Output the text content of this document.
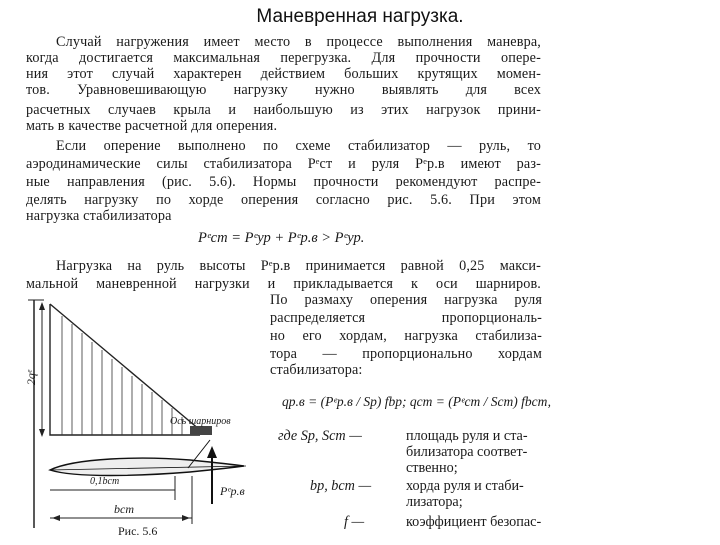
Маневренная нагрузка.
Случай нагружения имеет место в процессе выполнения маневра,
когда достигается максимальная перегрузка. Для прочности опере-
ния этот случай характерен действием больших крутящих момен-
тов. Уравновешивающую нагрузку нужно выявлять для всех
расчетных случаев крыла и наибольшую из этих нагрузок прини-
мать в качестве расчетной для оперения.
Если оперение выполнено по схеме стабилизатор — руль, то
аэродинамические силы стабилизатора Pᵉст и руля Pᵉр.в имеют раз-
ные направления (рис. 5.6). Нормы прочности рекомендуют распре-
делять нагрузку по хорде оперения согласно рис. 5.6. При этом
нагрузка стабилизатора
Pᵉст = Pᵉур + Pᵉр.в > Pᵉур.
Нагрузка на руль высоты Pᵉр.в принимается равной 0,25 макси-
мальной маневренной нагрузки и прикладывается к оси шарниров.
По размаху оперения нагрузка руля
распределяется пропорциональ-
но его хордам, нагрузка стабилиза-
тора — пропорционально хордам
стабилизатора:
qр.в = (Pᵉр.в / Sр) fbр; qст = (Pᵉст / Sст) fbст,
где Sр, Sст —	площадь руля и ста-
билизатора соответ-
ственно;
bр, bст — хорда руля и стаби-
лизатора;
f —	коэффициент безопас-
2qᵉ
Ось шарниров
0,1bст
bст
Pᵉр.в
Рис. 5.6
